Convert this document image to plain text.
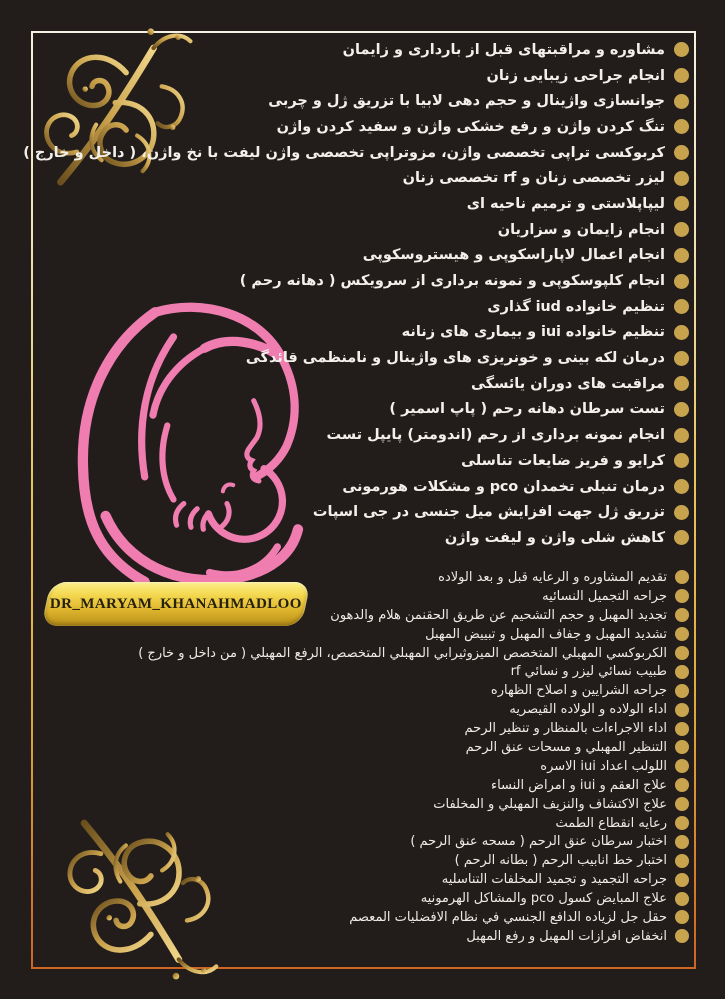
DR_MARYAM_KHANAHMADLOO
مشاوره و مراقبتهای قبل از بارداری و زایمان
انجام جراحی زیبایی زنان
جوانسازی واژینال و حجم دهی لابیا با تزریق ژل و چربی
تنگ کردن واژن و رفع خشکی واژن و سفید کردن واژن
کربوکسی تراپی تخصصی واژن، مزوتراپی تخصصی واژن لیفت با نخ واژن، ( داخل و خارج )
لیزر تخصصی زنان و rf تخصصی زنان
لیپاپلاستی و ترمیم ناحیه ای
انجام زایمان و سزاریان
انجام اعمال لاپاراسکوپی و هیستروسکوپی
انجام کلپوسکوپی و نمونه برداری از سرویکس ( دهانه رحم )
تنظیم خانواده iud گذاری
تنظیم خانواده iui و بیماری های زنانه
درمان لکه بینی و خونریزی های واژینال و نامنظمی قائدگی
مراقبت های دوران یائسگی
تست سرطان دهانه رحم ( پاپ اسمیر )
انجام نمونه برداری از رحم (اندومتر) پایپل تست
کرایو و فریز ضایعات تناسلی
درمان تنبلی تخمدان pco و مشکلات هورمونی
تزریق ژل جهت افزایش میل جنسی در جی اسپات
کاهش شلی واژن و لیفت واژن
تقديم المشاوره و الرعايه قبل و بعد الولاده
جراحه التجميل النسائيه
تجديد المهبل و حجم التشحيم عن طريق الحقنمن هلام والدهون
تشديد المهبل و جفاف المهبل و تبييض المهبل
الكربوكسي المهبلي المتخصص الميزوثيرابي المهبلي المتخصص، الرفع المهبلي ( من داخل و خارج )
طبيب نسائي ليزر و نسائي rf
جراحه الشرايين و اصلاح الظهاره
اداء الولاده و الولاده القيصريه
اداء الاجراءات بالمنظار و تنظير الرحم
التنظير المهبلي و مسحات عنق الرحم
اللولب اعداد iui الاسره
علاج العقم و iui و امراض النساء
علاج الاكتشاف والنزيف المهبلي و المخلفات
رعايه انقطاع الطمث
اختبار سرطان عنق الرحم ( مسحه عنق الرحم )
اختبار خط انابيب الرحم ( بطانه الرحم )
جراحه التجميد و تجميد المخلفات التناسليه
علاج المبايض كسول pco والمشاكل الهرمونيه
حقل جل لزياده الدافع الجنسي في نظام الافضليات المعصم
انخفاض افرازات المهبل و رفع المهبل
